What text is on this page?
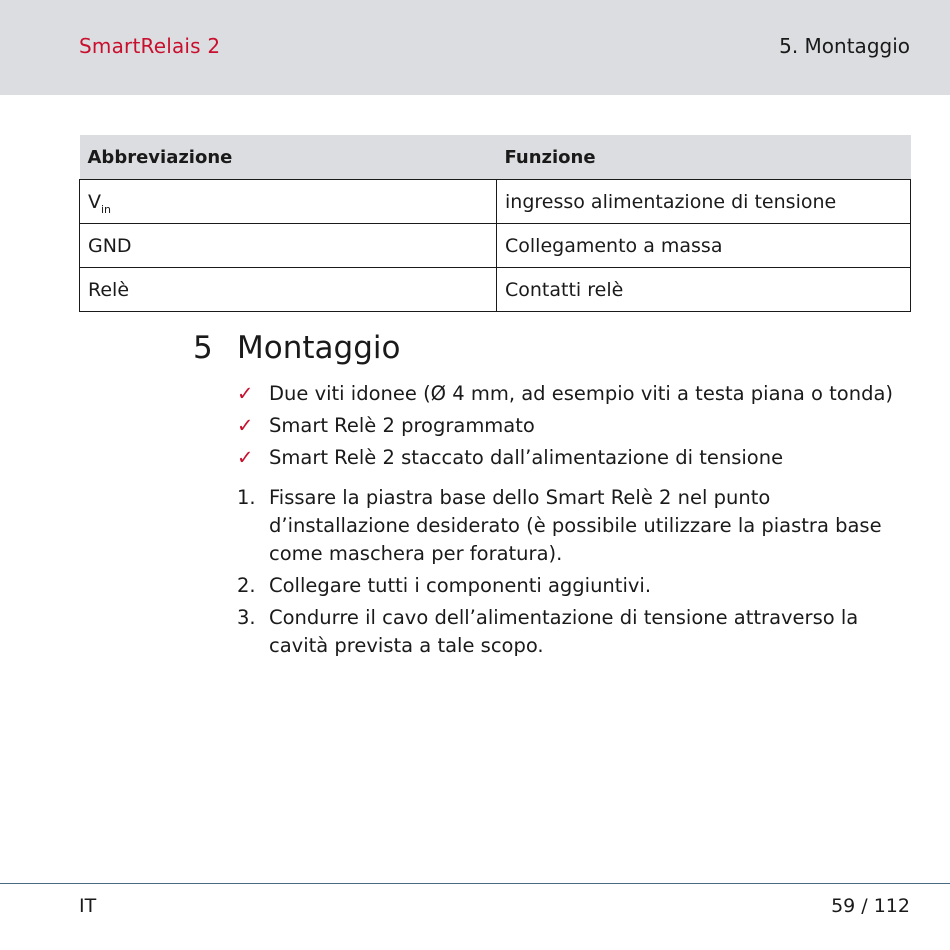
SmartRelais 2	5. Montaggio
Abbreviazione	Funzione
$V_{in}$	ingresso alimentazione di tensione
GND	Collegamento a massa
Relè	Contatti relè
5 Montaggio
✓ Due viti idonee (Ø 4 mm, ad esempio viti a testa piana o tonda)
✓ Smart Relè 2 programmato
✓ Smart Relè 2 staccato dall’alimentazione di tensione
1. Fissare la piastra base dello Smart Relè 2 nel punto d’installazione desiderato (è possibile utilizzare la piastra base come maschera per foratura).
2. Collegare tutti i componenti aggiuntivi.
3. Condurre il cavo dell’alimentazione di tensione attraverso la cavità prevista a tale scopo.
IT	59 / 112
